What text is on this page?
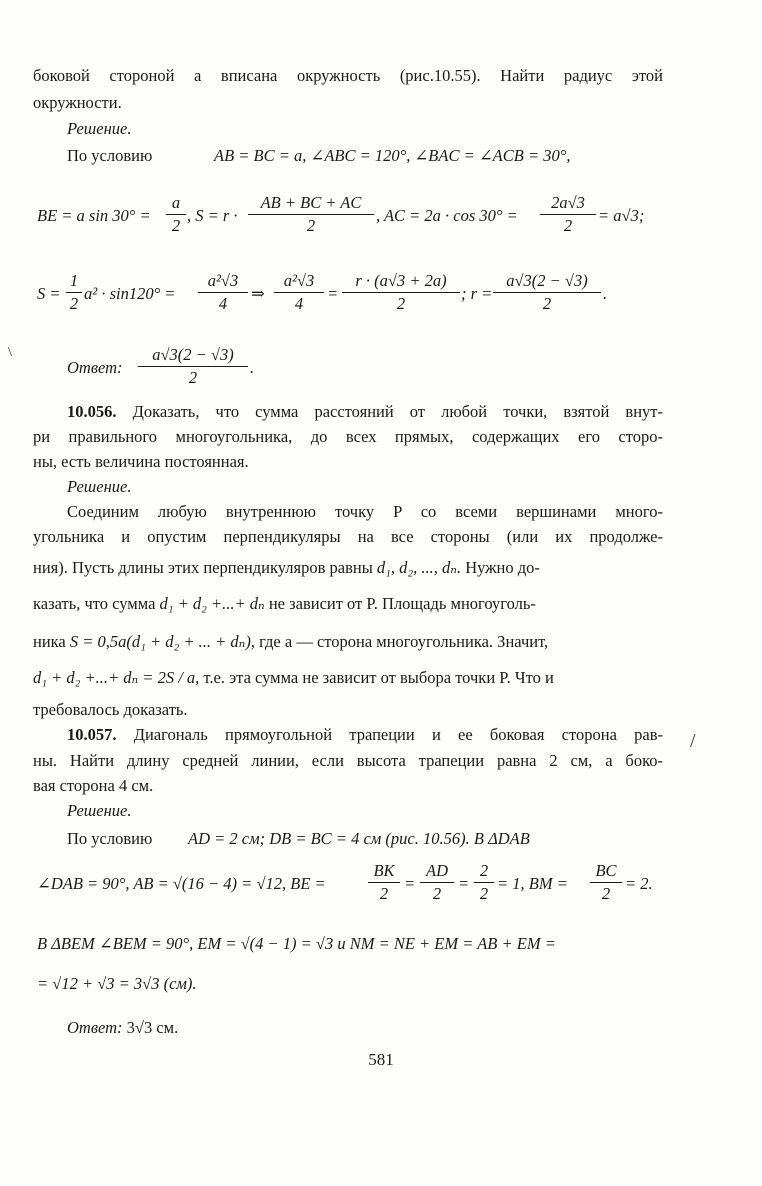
боковой стороной a вписана окружность (рис.10.55). Найти радиус этой
окружности.
Решение.
По условию	AB = BC = a, ∠ABC = 120°, ∠BAC = ∠ACB = 30°,
BE = a sin 30° =
a
2
, S = r ·
AB + BC + AC
2
, AC = 2a · cos 30° =
2a√3
2
= a√3;
S =
1
2
a² · sin120° =
a²√3
4
⇒
a²√3
4
=
r · (a√3 + 2a)
2
; r =
a√3(2 − √3)
2
.
\
Ответ:
a√3(2 − √3)
2
.
10.056. Доказать, что сумма расстояний от любой точки, взятой внут-
ри правильного многоугольника, до всех прямых, содержащих его сторо-
ны, есть величина постоянная.
Решение.
Соединим любую внутреннюю точку P со всеми вершинами много-
угольника и опустим перпендикуляры на все стороны (или их продолже-
ния). Пусть длины этих перпендикуляров равны d₁, d₂, ..., dₙ. Нужно до-
казать, что сумма d₁ + d₂ +...+ dₙ не зависит от P. Площадь многоуголь-
ника S = 0,5a(d₁ + d₂ + ... + dₙ), где a — сторона многоугольника. Значит,
d₁ + d₂ +...+ dₙ = 2S / a, т.е. эта сумма не зависит от выбора точки P. Что и
требовалось доказать.
10.057. Диагональ прямоугольной трапеции и ее боковая сторона рав- /
ны. Найти длину средней линии, если высота трапеции равна 2 см, а боко-
вая сторона 4 см.
Решение.
По условию AD = 2 см; DB = BC = 4 см (рис. 10.56). В ΔDAB
∠DAB = 90°, AB = √(16 − 4) = √12, BE =
BK
2
=
AD
2
=
2
2
= 1, BM =
BC
2
= 2.
В ΔBEM ∠BEM = 90°, EM = √(4 − 1) = √3 и NM = NE + EM = AB + EM =
= √12 + √3 = 3√3 (см).
Ответ: 3√3 см.
581
